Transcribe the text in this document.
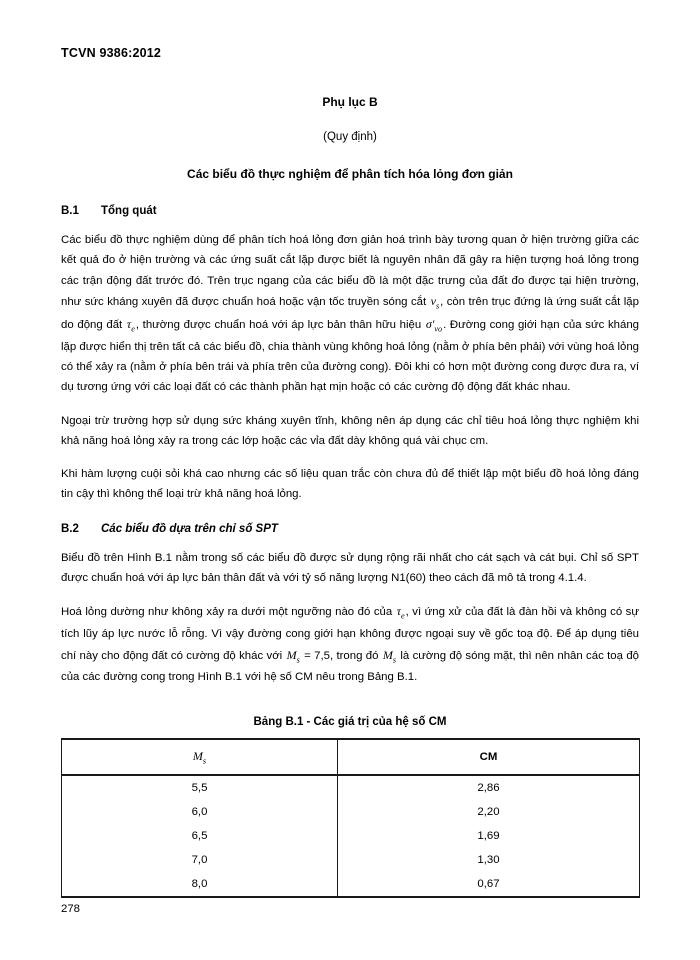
TCVN 9386:2012
Phụ lục B
(Quy định)
Các biểu đồ thực nghiệm để phân tích hóa lỏng đơn giản
B.1 Tổng quát

Các biểu đồ thực nghiệm dùng để phân tích hoá lỏng đơn giản hoá trình bày tương quan ở hiện trường giữa các kết quả đo ở hiện trường và các ứng suất cắt lặp được biết là nguyên nhân đã gây ra hiện tượng hoá lỏng trong các trận động đất trước đó. Trên trục ngang của các biểu đồ là một đặc trưng của đất đo được tại hiện trường, như sức kháng xuyên đã được chuẩn hoá hoặc vận tốc truyền sóng cắt $v_s$, còn trên trục đứng là ứng suất cắt lặp do động đất $\tau_e$, thường được chuẩn hoá với áp lực bản thân hữu hiệu $\sigma'_{vo}$. Đường cong giới hạn của sức kháng lặp được hiển thị trên tất cả các biểu đồ, chia thành vùng không hoá lỏng (nằm ở phía bên phải) với vùng hoá lỏng có thể xảy ra (nằm ở phía bên trái và phía trên của đường cong). Đôi khi có hơn một đường cong được đưa ra, ví dụ tương ứng với các loại đất có các thành phần hạt mịn hoặc có các cường độ động đất khác nhau.

Ngoại trừ trường hợp sử dụng sức kháng xuyên tĩnh, không nên áp dụng các chỉ tiêu hoá lỏng thực nghiệm khi khả năng hoá lỏng xảy ra trong các lớp hoặc các vỉa đất dày không quá vài chục cm.

Khi hàm lượng cuội sỏi khá cao nhưng các số liệu quan trắc còn chưa đủ để thiết lập một biểu đồ hoá lỏng đáng tin cậy thì không thể loại trừ khả năng hoá lỏng.

B.2 Các biểu đồ dựa trên chỉ số SPT

Biểu đồ trên Hình B.1 nằm trong số các biểu đồ được sử dụng rộng rãi nhất cho cát sạch và cát bụi. Chỉ số SPT được chuẩn hoá với áp lực bản thân đất và với tỷ số năng lượng N1(60) theo cách đã mô tả trong 4.1.4.

Hoá lỏng dường như không xảy ra dưới một ngưỡng nào đó của $\tau_e$, vì ứng xử của đất là đàn hồi và không có sự tích lũy áp lực nước lỗ rỗng. Vì vậy đường cong giới hạn không được ngoại suy về gốc toạ độ. Để áp dụng tiêu chí này cho động đất có cường độ khác với $M_s = 7,5$, trong đó $M_s$ là cường độ sóng mặt, thì nên nhân các toạ độ của các đường cong trong Hình B.1 với hệ số CM nêu trong Bảng B.1.

Bảng B.1 - Các giá trị của hệ số CM
$M_s$	CM
5,5	2,86
6,0	2,20
6,5	1,69
7,0	1,30
8,0	0,67
278
